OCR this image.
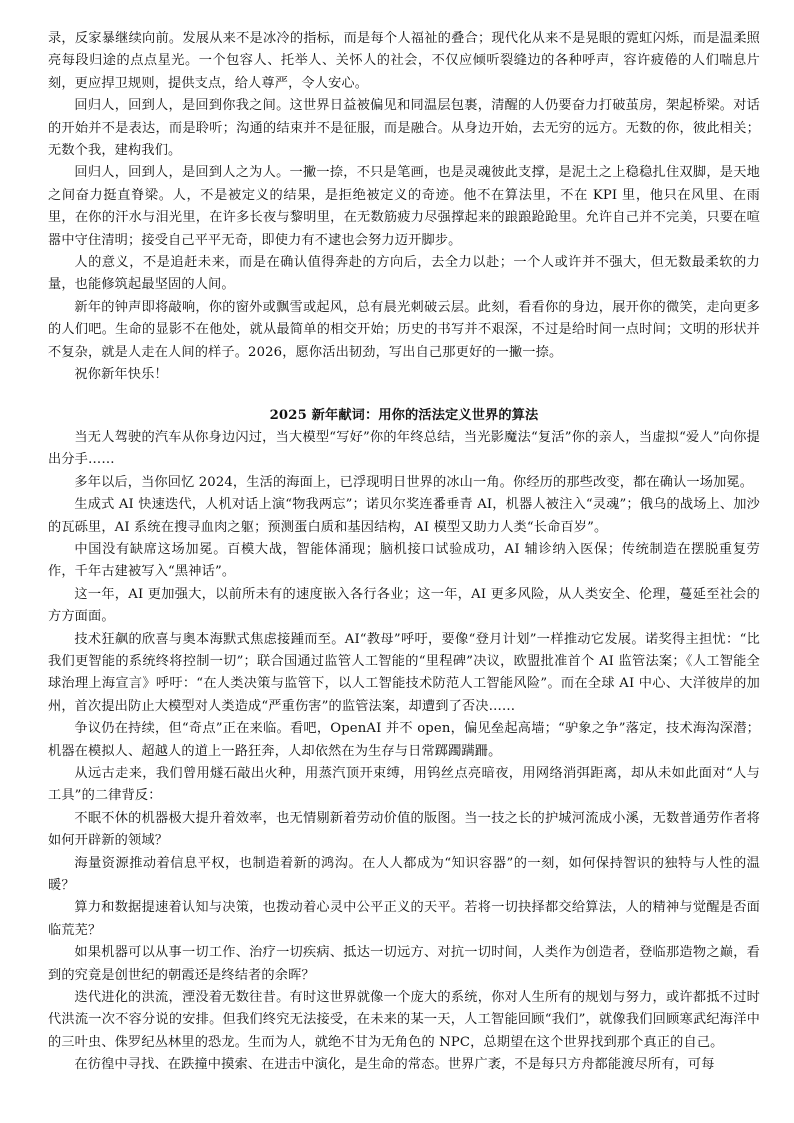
录，反家暴继续向前。发展从来不是冰冷的指标，而是每个人福祉的叠合；现代化从来不是晃眼的霓虹闪烁，而是温柔照亮每段归途的点点星光。一个包容人、托举人、关怀人的社会，不仅应倾听裂缝边的各种呼声，容许疲倦的人们喘息片刻，更应捍卫规则，提供支点，给人尊严，令人安心。

回归人，回到人，是回到你我之间。这世界日益被偏见和同温层包裹，清醒的人仍要奋力打破茧房，架起桥梁。对话的开始并不是表达，而是聆听；沟通的结束并不是征服，而是融合。从身边开始，去无穷的远方。无数的你，彼此相关；无数个我，建构我们。

回归人，回到人，是回到人之为人。一撇一捺，不只是笔画，也是灵魂彼此支撑，是泥土之上稳稳扎住双脚，是天地之间奋力挺直脊梁。人，不是被定义的结果，是拒绝被定义的奇迹。他不在算法里，不在 KPI 里，他只在风里、在雨里，在你的汗水与泪光里，在许多长夜与黎明里，在无数筋疲力尽强撑起来的踉踉跄跄里。允许自己并不完美，只要在喧嚣中守住清明；接受自己平平无奇，即使力有不逮也会努力迈开脚步。

人的意义，不是追赶未来，而是在确认值得奔赴的方向后，去全力以赴；一个人或许并不强大，但无数最柔软的力量，也能修筑起最坚固的人间。

新年的钟声即将敲响，你的窗外或飘雪或起风，总有晨光刺破云层。此刻，看看你的身边，展开你的微笑，走向更多的人们吧。生命的显影不在他处，就从最简单的相交开始；历史的书写并不艰深，不过是给时间一点时间；文明的形状并不复杂，就是人走在人间的样子。2026，愿你活出韧劲，写出自己那更好的一撇一捺。

祝你新年快乐！

2025 新年献词：用你的活法定义世界的算法

当无人驾驶的汽车从你身边闪过，当大模型“写好”你的年终总结，当光影魔法“复活”你的亲人，当虚拟“爱人”向你提出分手……

多年以后，当你回忆 2024，生活的海面上，已浮现明日世界的冰山一角。你经历的那些改变，都在确认一场加冕。

生成式 AI 快速迭代，人机对话上演“物我两忘”；诺贝尔奖连番垂青 AI，机器人被注入“灵魂”；俄乌的战场上、加沙的瓦砾里，AI 系统在搜寻血肉之躯；预测蛋白质和基因结构，AI 模型又助力人类“长命百岁”。

中国没有缺席这场加冕。百模大战，智能体涌现；脑机接口试验成功，AI 辅诊纳入医保；传统制造在摆脱重复劳作，千年古建被写入“黑神话”。

这一年，AI 更加强大，以前所未有的速度嵌入各行各业；这一年，AI 更多风险，从人类安全、伦理，蔓延至社会的方方面面。

技术狂飙的欣喜与奥本海默式焦虑接踵而至。AI“教母”呼吁，要像“登月计划”一样推动它发展。诺奖得主担忧：“比我们更智能的系统终将控制一切”；联合国通过监管人工智能的“里程碑”决议，欧盟批准首个 AI 监管法案；《人工智能全球治理上海宣言》呼吁：“在人类决策与监管下，以人工智能技术防范人工智能风险”。而在全球 AI 中心、大洋彼岸的加州，首次提出防止大模型对人类造成“严重伤害”的监管法案，却遭到了否决……

争议仍在持续，但“奇点”正在来临。看吧，OpenAI 并不 open，偏见垒起高墙；“驴象之争”落定，技术海沟深潜；机器在模拟人、超越人的道上一路狂奔，人却依然在为生存与日常踯躅蹒跚。

从远古走来，我们曾用燧石敲出火种，用蒸汽顶开束缚，用钨丝点亮暗夜，用网络消弭距离，却从未如此面对“人与工具”的二律背反：

不眠不休的机器极大提升着效率，也无情剔新着劳动价值的版图。当一技之长的护城河流成小溪，无数普通劳作者将如何开辟新的领域？

海量资源推动着信息平权，也制造着新的鸿沟。在人人都成为“知识容器”的一刻，如何保持智识的独特与人性的温暖？

算力和数据提速着认知与决策，也拨动着心灵中公平正义的天平。若将一切抉择都交给算法，人的精神与觉醒是否面临荒芜？

如果机器可以从事一切工作、治疗一切疾病、抵达一切远方、对抗一切时间，人类作为创造者，登临那造物之巅，看到的究竟是创世纪的朝霞还是终结者的余晖？

迭代进化的洪流，湮没着无数往昔。有时这世界就像一个庞大的系统，你对人生所有的规划与努力，或许都抵不过时代洪流一次不容分说的安排。但我们终究无法接受，在未来的某一天，人工智能回顾“我们”，就像我们回顾寒武纪海洋中的三叶虫、侏罗纪丛林里的恐龙。生而为人，就绝不甘为无角色的 NPC，总期望在这个世界找到那个真正的自己。

在彷徨中寻找、在跌撞中摸索、在进击中演化，是生命的常态。世界广袤，不是每只方舟都能渡尽所有，可每
